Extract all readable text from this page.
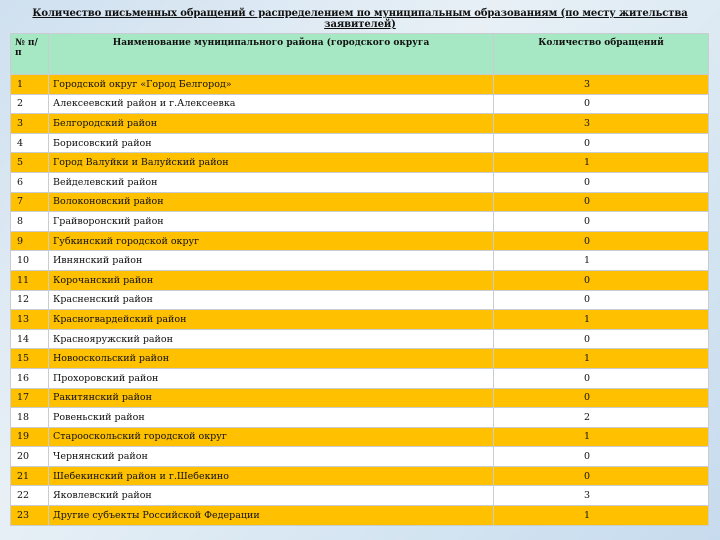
Количество письменных обращений с распределением по муниципальным образованиям (по месту жительства заявителей)
№ п/п	Наименование муниципального района (городского округа	Количество обращений
1	Городской округ «Город Белгород»	3
2	Алексеевский район и г.Алексеевка	0
3	Белгородский район	3
4	Борисовский район	0
5	Город Валуйки и Валуйский район	1
6	Вейделевский район	0
7	Волоконовский район	0
8	Грайворонский район	0
9	Губкинский городской округ	0
10	Ивнянский район	1
11	Корочанский район	0
12	Красненский район	0
13	Красногвардейский район	1
14	Краснояружский район	0
15	Новооскольский район	1
16	Прохоровский район	0
17	Ракитянский район	0
18	Ровеньский район	2
19	Старооскольский городской округ	1
20	Чернянский район	0
21	Шебекинский район и г.Шебекино	0
22	Яковлевский район	3
23	Другие субъекты Российской Федерации	1
